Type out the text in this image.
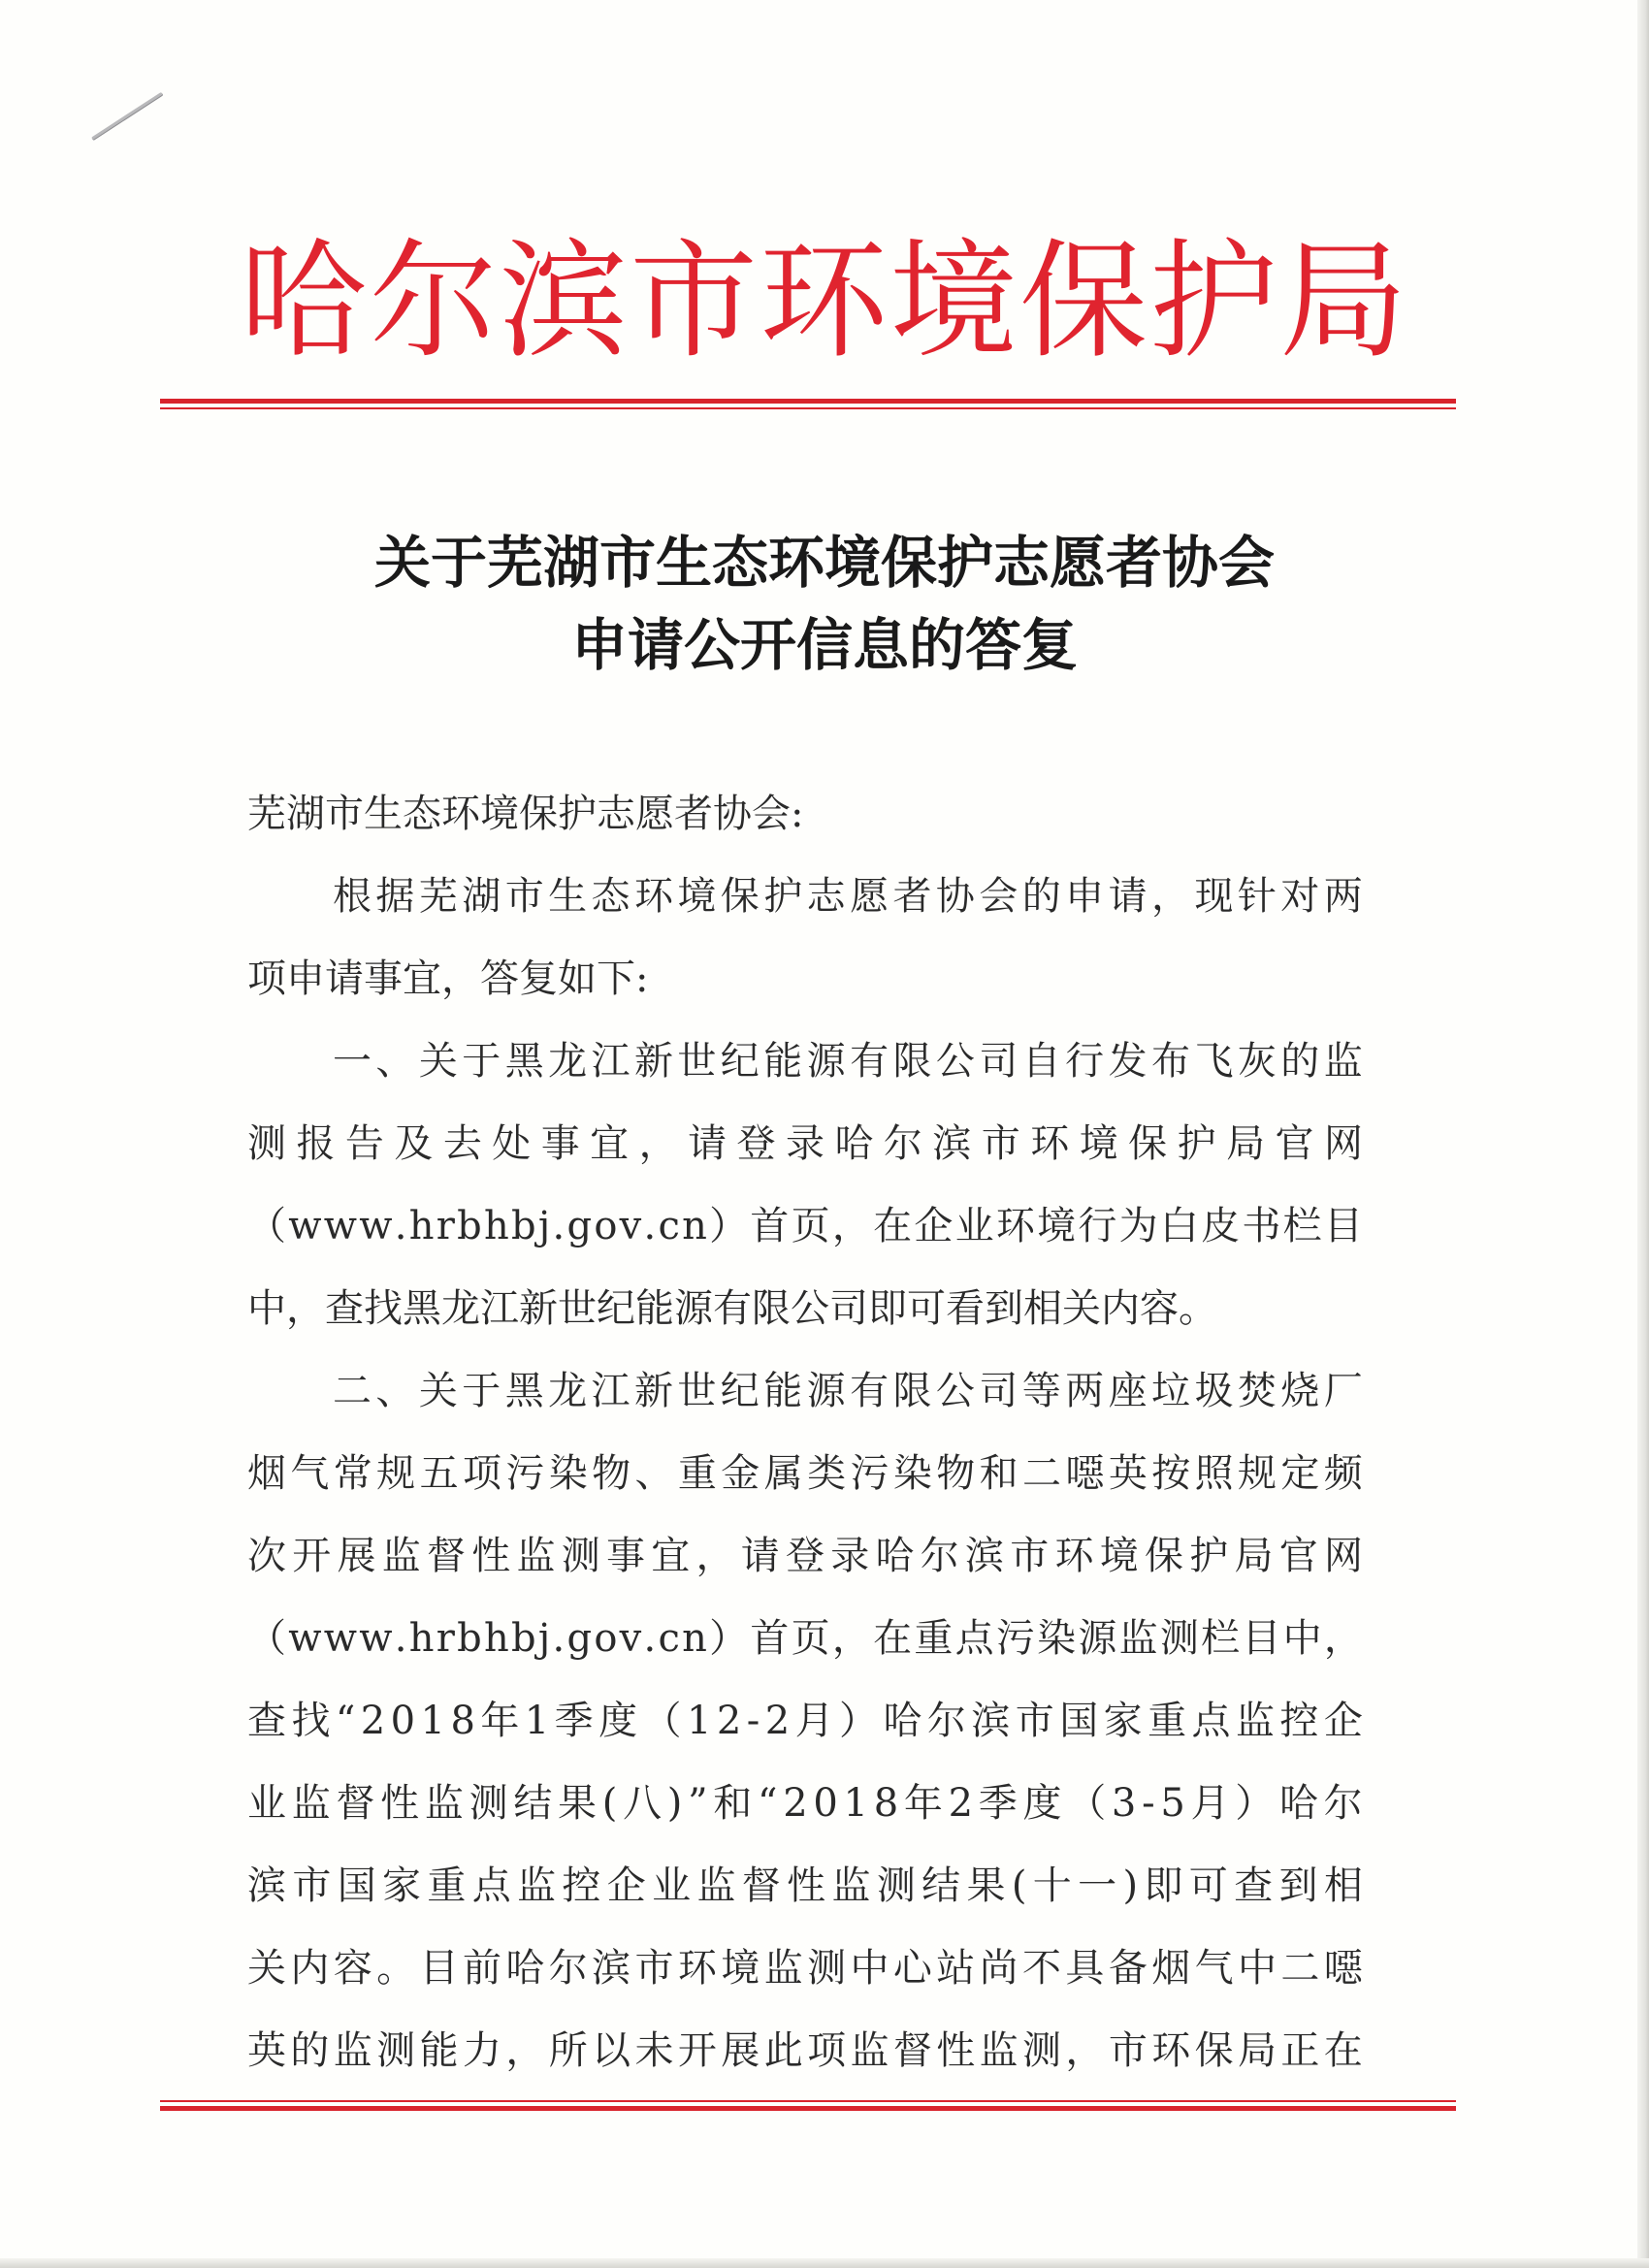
哈尔滨市环境保护局
关于芜湖市生态环境保护志愿者协会
申请公开信息的答复
芜湖市生态环境保护志愿者协会:
根 据 芜 湖 市 生 态 环 境 保 护 志 愿 者 协 会 的 申 请 ， 现 针 对 两
项申请事宜，答复如下:
一 、 关 于 黑 龙 江 新 世 纪 能 源 有 限 公 司 自 行 发 布 飞 灰 的 监
测 报 告 及 去 处 事 宜 ， 请 登 录 哈 尔 滨 市 环 境 保 护 局 官 网
（ w w w . h r b h b j . g o v . c n ） 首 页 ， 在 企 业 环 境 行 为 白 皮 书 栏 目
中，查找黑龙江新世纪能源有限公司即可看到相关内容。
二 、 关 于 黑 龙 江 新 世 纪 能 源 有 限 公 司 等 两 座 垃 圾 焚 烧 厂
烟 气 常 规 五 项 污 染 物 、 重 金 属 类 污 染 物 和 二 噁 英 按 照 规 定 频
次 开 展 监 督 性 监 测 事 宜 ， 请 登 录 哈 尔 滨 市 环 境 保 护 局 官 网
（ w w w . h r b h b j . g o v . c n ） 首 页 ， 在 重 点 污 染 源 监 测 栏 目 中 ，
查 找 “ 2 0 1 8 年 1 季 度 （ 1 2 - 2 月 ） 哈 尔 滨 市 国 家 重 点 监 控 企
业 监 督 性 监 测 结 果 ( 八 ) ” 和 “ 2 0 1 8 年 2 季 度 （ 3 - 5 月 ） 哈 尔
滨 市 国 家 重 点 监 控 企 业 监 督 性 监 测 结 果 ( 十 一 ) 即 可 查 到 相
关 内 容 。 目 前 哈 尔 滨 市 环 境 监 测 中 心 站 尚 不 具 备 烟 气 中 二 噁
英 的 监 测 能 力 ， 所 以 未 开 展 此 项 监 督 性 监 测 ， 市 环 保 局 正 在
